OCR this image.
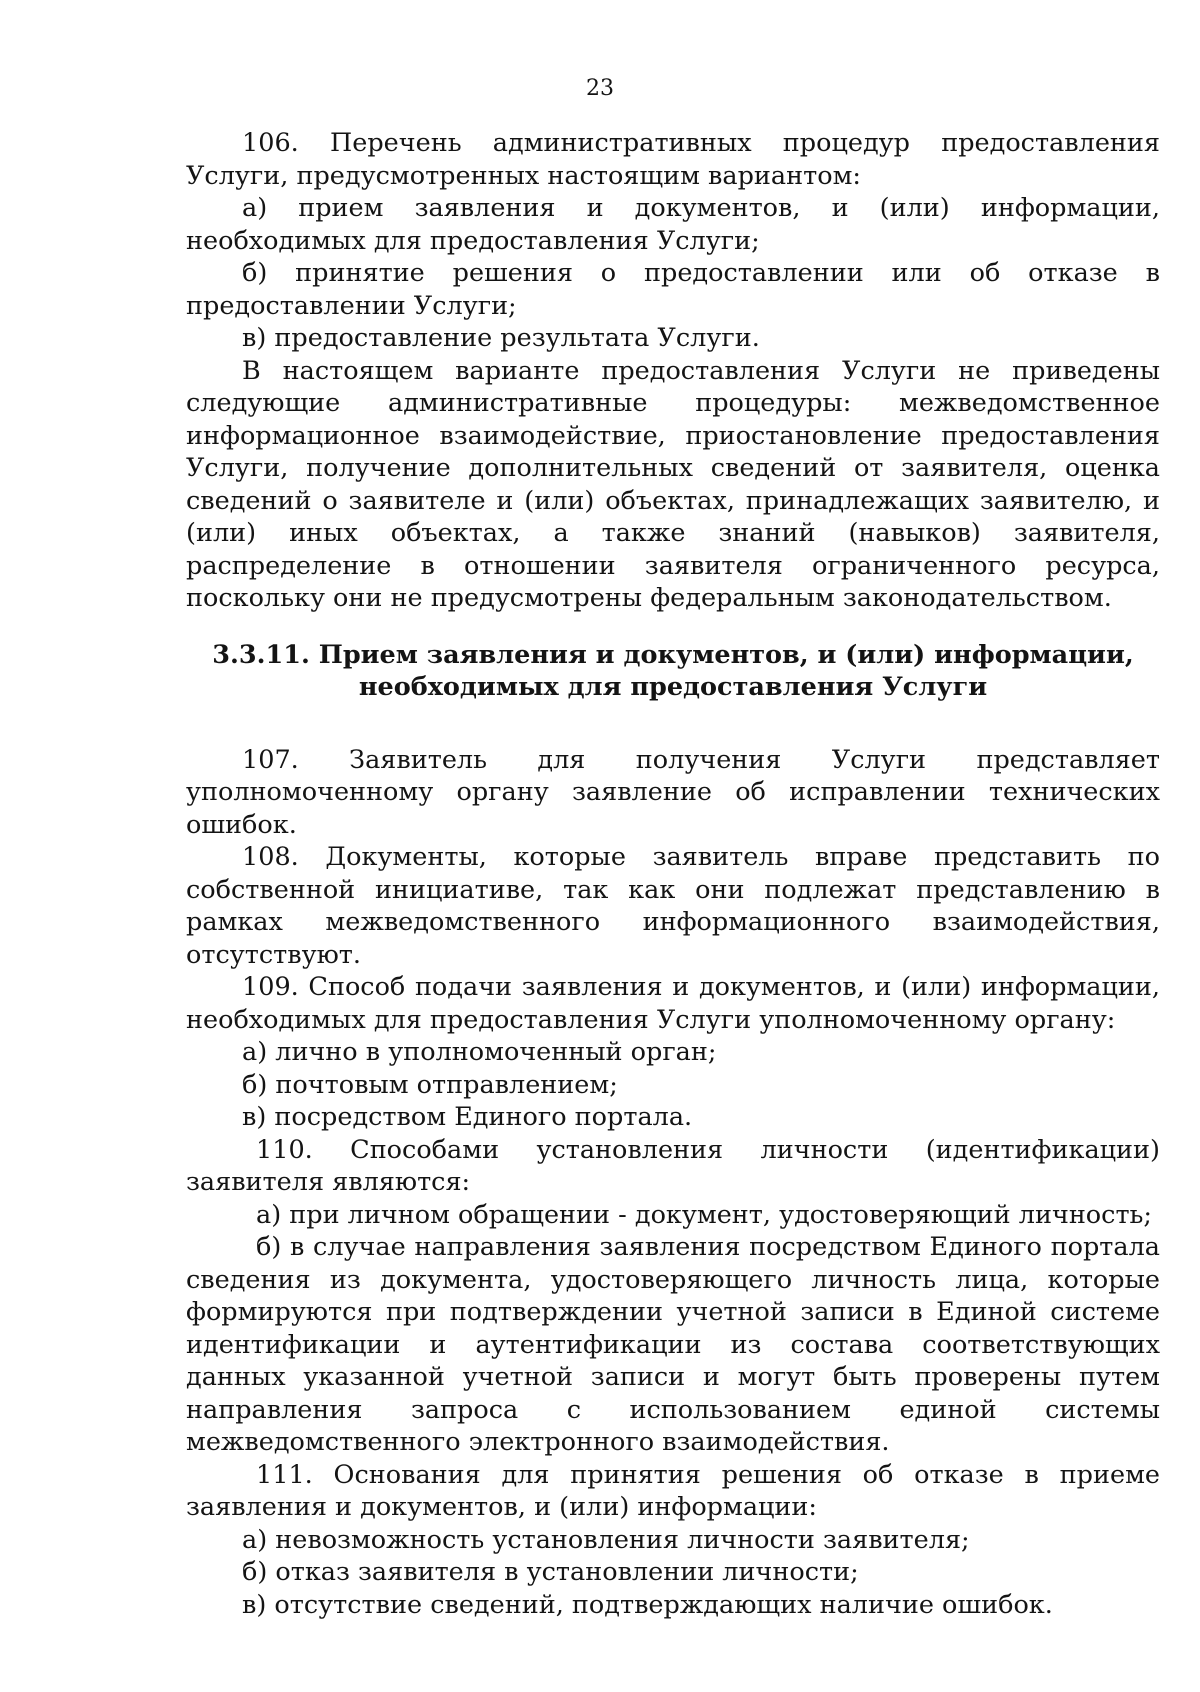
23

106. Перечень административных процедур предоставления Услуги, предусмотренных настоящим вариантом:

а) прием заявления и документов, и (или) информации, необходимых для предоставления Услуги;

б) принятие решения о предоставлении или об отказе в предоставлении Услуги;

в) предоставление результата Услуги.

В настоящем варианте предоставления Услуги не приведены следующие административные процедуры: межведомственное информационное взаимодействие, приостановление предоставления Услуги, получение дополнительных сведений от заявителя, оценка сведений о заявителе и (или) объектах, принадлежащих заявителю, и (или) иных объектах, а также знаний (навыков) заявителя, распределение в отношении заявителя ограниченного ресурса, поскольку они не предусмотрены федеральным законодательством.

3.3.11. Прием заявления и документов, и (или) информации,

необходимых для предоставления Услуги

107. Заявитель для получения Услуги представляет уполномоченному органу заявление об исправлении технических ошибок.

108. Документы, которые заявитель вправе представить по собственной инициативе, так как они подлежат представлению в рамках межведомственного информационного взаимодействия, отсутствуют.

109. Способ подачи заявления и документов, и (или) информации, необходимых для предоставления Услуги уполномоченному органу:

а) лично в уполномоченный орган;

б) почтовым отправлением;

в) посредством Единого портала.

110. Способами установления личности (идентификации) заявителя являются:

а) при личном обращении - документ, удостоверяющий личность;

б) в случае направления заявления посредством Единого портала сведения из документа, удостоверяющего личность лица, которые формируются при подтверждении учетной записи в Единой системе идентификации и аутентификации из состава соответствующих данных указанной учетной записи и могут быть проверены путем направления запроса с использованием единой системы межведомственного электронного взаимодействия.

111. Основания для принятия решения об отказе в приеме заявления и документов, и (или) информации:

а) невозможность установления личности заявителя;

б) отказ заявителя в установлении личности;

в) отсутствие сведений, подтверждающих наличие ошибок.
